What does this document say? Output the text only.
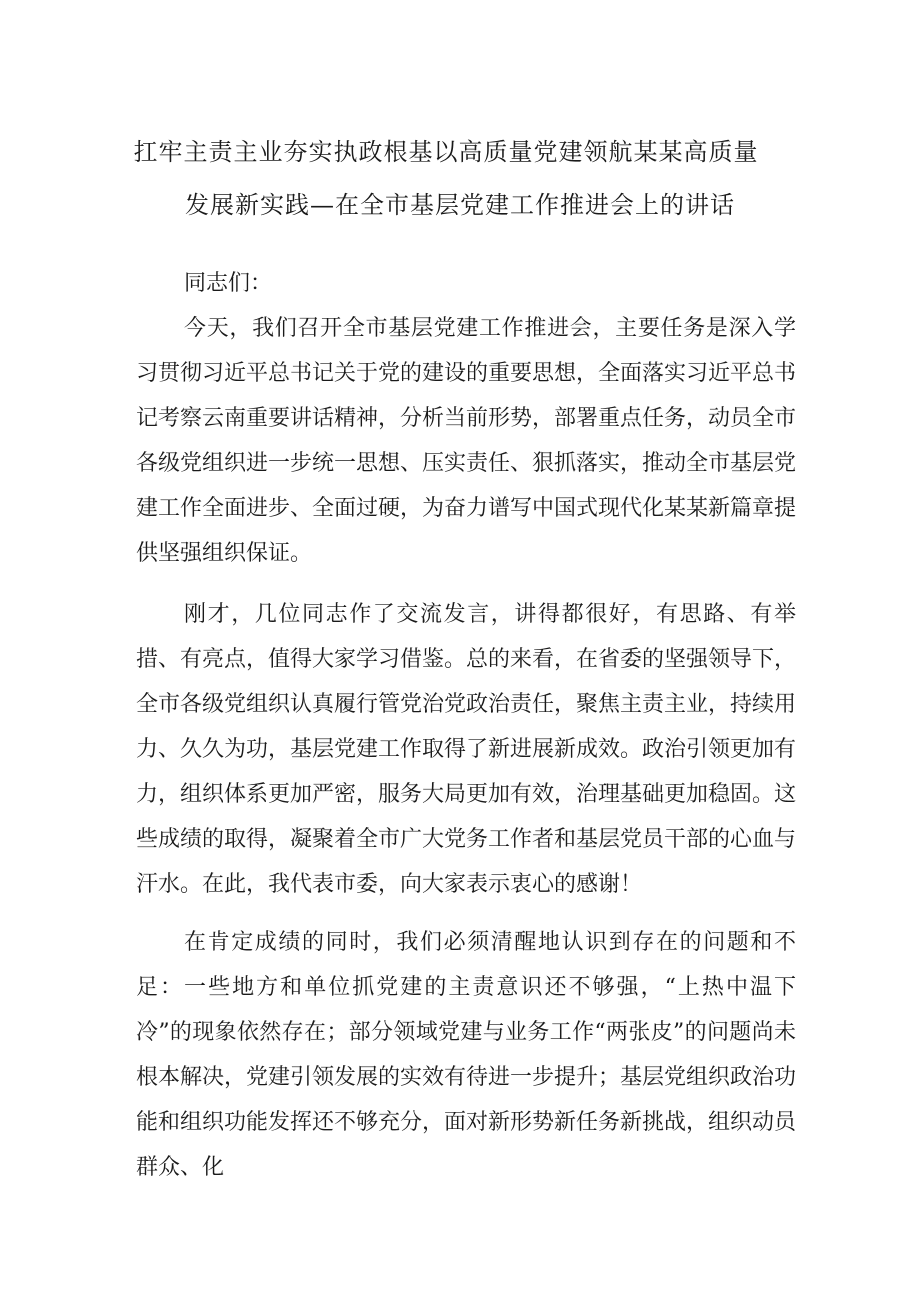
扛牢主责主业夯实执政根基以高质量党建领航某某高质量
发展新实践—在全市基层党建工作推进会上的讲话
同志们：

今天，我们召开全市基层党建工作推进会，主要任务是深入学习贯彻习近平总书记关于党的建设的重要思想，全面落实习近平总书记考察云南重要讲话精神，分析当前形势，部署重点任务，动员全市各级党组织进一步统一思想、压实责任、狠抓落实，推动全市基层党建工作全面进步、全面过硬，为奋力谱写中国式现代化某某新篇章提供坚强组织保证。

刚才，几位同志作了交流发言，讲得都很好，有思路、有举措、有亮点，值得大家学习借鉴。总的来看，在省委的坚强领导下，全市各级党组织认真履行管党治党政治责任，聚焦主责主业，持续用力、久久为功，基层党建工作取得了新进展新成效。政治引领更加有力，组织体系更加严密，服务大局更加有效，治理基础更加稳固。这些成绩的取得，凝聚着全市广大党务工作者和基层党员干部的心血与汗水。在此，我代表市委，向大家表示衷心的感谢！

在肯定成绩的同时，我们必须清醒地认识到存在的问题和不足：一些地方和单位抓党建的主责意识还不够强，“上热中温下冷”的现象依然存在；部分领域党建与业务工作“两张皮”的问题尚未根本解决，党建引领发展的实效有待进一步提升；基层党组织政治功能和组织功能发挥还不够充分，面对新形势新任务新挑战，组织动员群众、化
